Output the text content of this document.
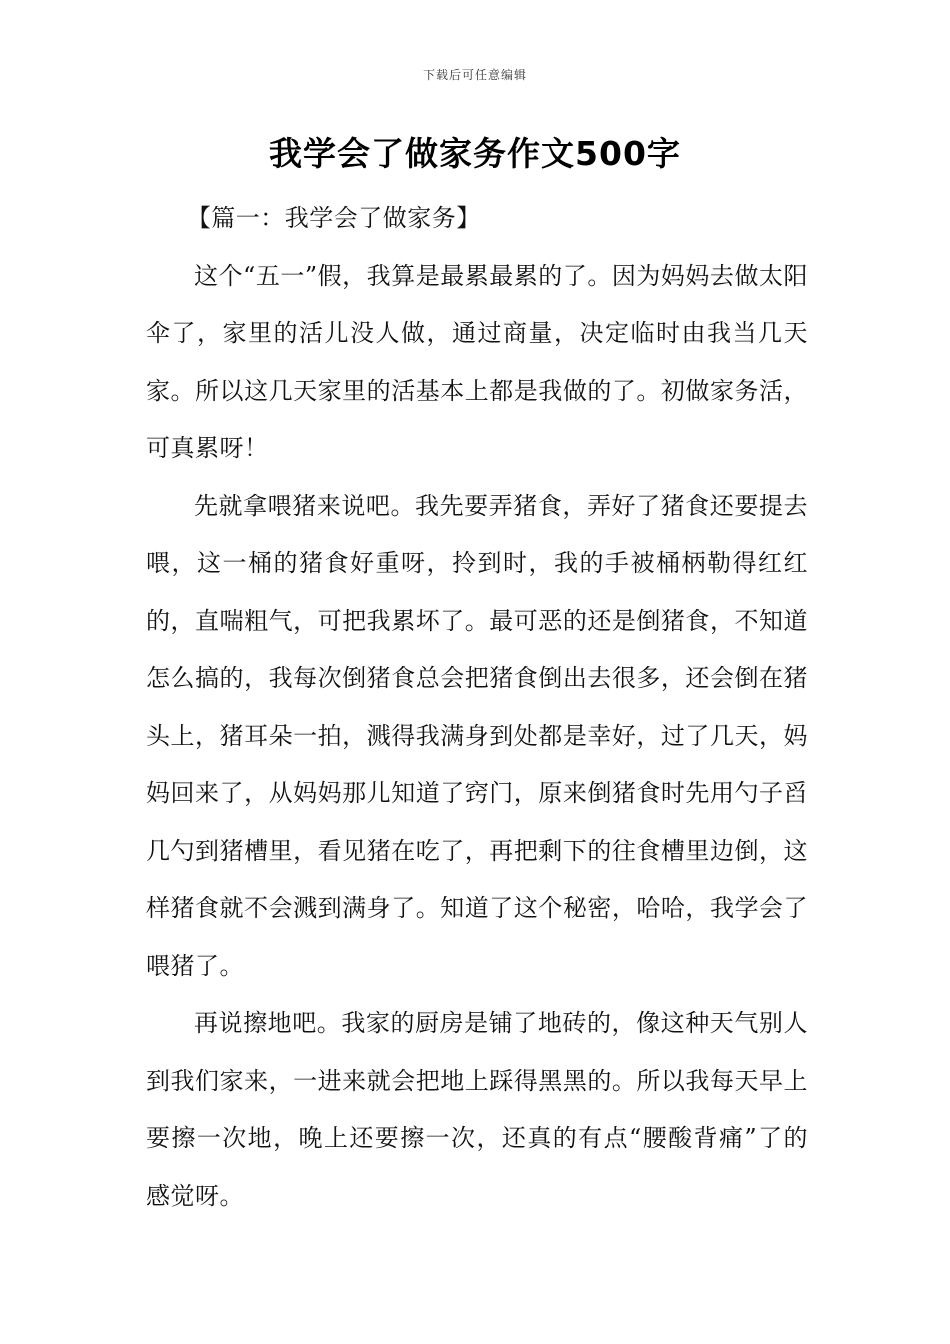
下载后可任意编辑
我学会了做家务作文500字

【篇一：我学会了做家务】

这个“五一”假，我算是最累最累的了。因为妈妈去做太阳伞了，家里的活儿没人做，通过商量，决定临时由我当几天家。所以这几天家里的活基本上都是我做的了。初做家务活，可真累呀！

先就拿喂猪来说吧。我先要弄猪食，弄好了猪食还要提去喂，这一桶的猪食好重呀，拎到时，我的手被桶柄勒得红红的，直喘粗气，可把我累坏了。最可恶的还是倒猪食，不知道怎么搞的，我每次倒猪食总会把猪食倒出去很多，还会倒在猪头上，猪耳朵一拍，溅得我满身到处都是幸好，过了几天，妈妈回来了，从妈妈那儿知道了窍门，原来倒猪食时先用勺子舀几勺到猪槽里，看见猪在吃了，再把剩下的往食槽里边倒，这样猪食就不会溅到满身了。知道了这个秘密，哈哈，我学会了喂猪了。

再说擦地吧。我家的厨房是铺了地砖的，像这种天气别人到我们家来，一进来就会把地上踩得黑黑的。所以我每天早上要擦一次地，晚上还要擦一次，还真的有点“腰酸背痛”了的感觉呀。
